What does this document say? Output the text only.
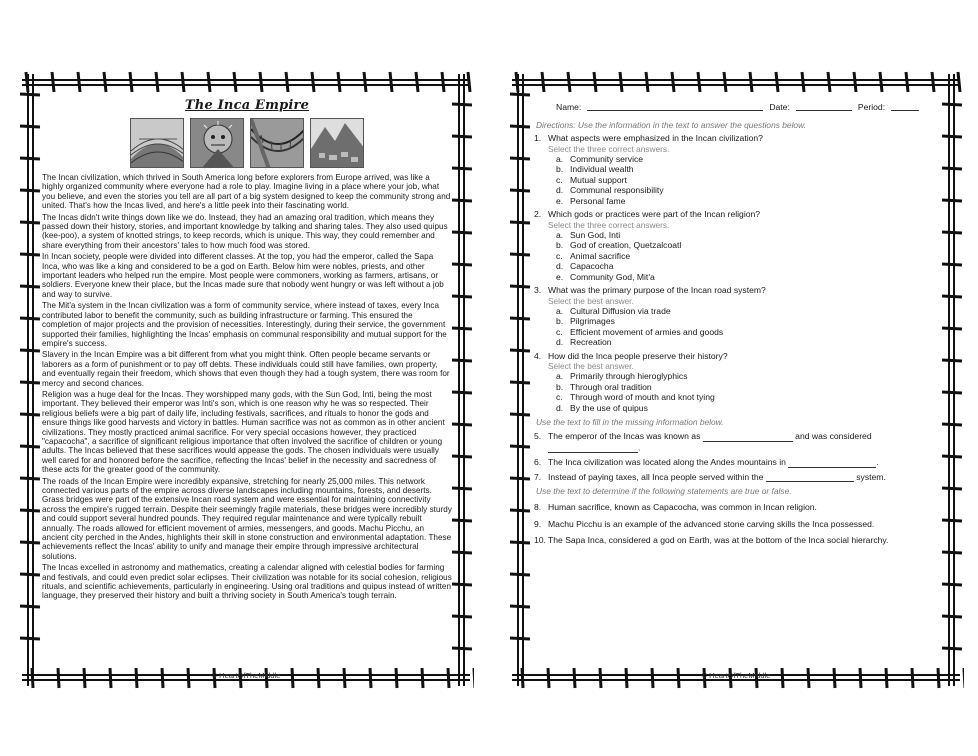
The Inca Empire

The Incan civilization, which thrived in South America long before explorers from Europe arrived, was like a highly organized community where everyone had a role to play. Imagine living in a place where your job, what you believe, and even the stories you tell are all part of a big system designed to keep the community strong and united. That's how the Incas lived, and here's a little peek into their fascinating world.

The Incas didn't write things down like we do. Instead, they had an amazing oral tradition, which means they passed down their history, stories, and important knowledge by talking and sharing tales. They also used quipus (kee-poo), a system of knotted strings, to keep records, which is unique. This way, they could remember and share everything from their ancestors' tales to how much food was stored.

In Incan society, people were divided into different classes. At the top, you had the emperor, called the Sapa Inca, who was like a king and considered to be a god on Earth. Below him were nobles, priests, and other important leaders who helped run the empire. Most people were commoners, working as farmers, artisans, or soldiers. Everyone knew their place, but the Incas made sure that nobody went hungry or was left without a job and way to survive.

The Mit'a system in the Incan civilization was a form of community service, where instead of taxes, every Inca contributed labor to benefit the community, such as building infrastructure or farming. This ensured the completion of major projects and the provision of necessities. Interestingly, during their service, the government supported their families, highlighting the Incas' emphasis on communal responsibility and mutual support for the empire's success.

Slavery in the Incan Empire was a bit different from what you might think. Often people became servants or laborers as a form of punishment or to pay off debts. These individuals could still have families, own property, and eventually regain their freedom, which shows that even though they had a tough system, there was room for mercy and second chances.

Religion was a huge deal for the Incas. They worshipped many gods, with the Sun God, Inti, being the most important. They believed their emperor was Inti's son, which is one reason why he was so respected. Their religious beliefs were a big part of daily life, including festivals, sacrifices, and rituals to honor the gods and ensure things like good harvests and victory in battles. Human sacrifice was not as common as in other ancient civilizations. They mostly practiced animal sacrifice. For very special occasions however, they practiced "capacocha", a sacrifice of significant religious importance that often involved the sacrifice of children or young adults. The Incas believed that these sacrifices would appease the gods. The chosen individuals were usually well cared for and honored before the sacrifice, reflecting the Incas' belief in the necessity and sacredness of these acts for the greater good of the community.

The roads of the Incan Empire were incredibly expansive, stretching for nearly 25,000 miles. This network connected various parts of the empire across diverse landscapes including mountains, forests, and deserts. Grass bridges were part of the extensive Incan road system and were essential for maintaining connectivity across the empire's rugged terrain. Despite their seemingly fragile materials, these bridges were incredibly sturdy and could support several hundred pounds. They required regular maintenance and were typically rebuilt annually. The roads allowed for efficient movement of armies, messengers, and goods. Machu Picchu, an ancient city perched in the Andes, highlights their skill in stone construction and environmental adaptation. These achievements reflect the Incas' ability to unify and manage their empire through impressive architectural solutions.

The Incas excelled in astronomy and mathematics, creating a calendar aligned with celestial bodies for farming and festivals, and could even predict solar eclipses. Their civilization was notable for its social cohesion, religious rituals, and scientific achievements, particularly in engineering. Using oral traditions and quipus instead of written language, they preserved their history and built a thriving society in South America's tough terrain.

© HeartOfTheMiddle
Name:	Date:	Period:
Directions: Use the information in the text to answer the questions below.
1. What aspects were emphasized in the Incan civilization?
Select the three correct answers.
a. Community service
b. Individual wealth
c. Mutual support
d. Communal responsibility
e. Personal fame
2. Which gods or practices were part of the Incan religion?
Select the three correct answers.
a. Sun God, Inti
b. God of creation, Quetzalcoatl
c. Animal sacrifice
d. Capacocha
e. Community God, Mit'a
3. What was the primary purpose of the Incan road system?
Select the best answer.
a. Cultural Diffusion via trade
b. Pilgrimages
c. Efficient movement of armies and goods
d. Recreation
4. How did the Inca people preserve their history?
Select the best answer.
a. Primarily through hieroglyphics
b. Through oral tradition
c. Through word of mouth and knot tying
d. By the use of quipus
Use the text to fill in the missing information below.
5. The emperor of the Incas was known as	and was considered
.
6. The Inca civilization was located along the Andes mountains in	.
7. Instead of paying taxes, all Inca people served within the	system.
Use the text to determine if the following statements are true or false.
8. Human sacrifice, known as Capacocha, was common in Incan religion.
9. Machu Picchu is an example of the advanced stone carving skills the Inca possessed.
10. The Sapa Inca, considered a god on Earth, was at the bottom of the Inca social hierarchy.
© HeartOfTheMiddle
